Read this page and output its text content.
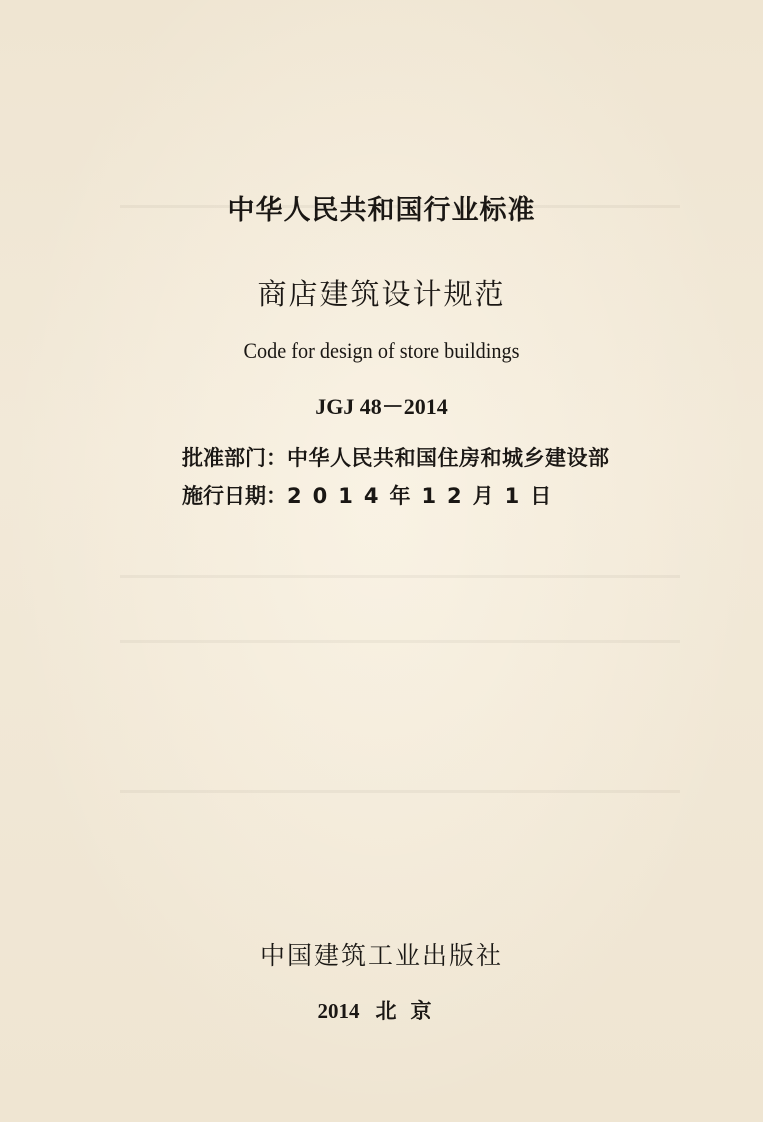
中华人民共和国行业标准
商店建筑设计规范
Code for design of store buildings
JGJ 48－2014
批准部门：中华人民共和国住房和城乡建设部
施行日期：2014年12月1日
中国建筑工业出版社
2014 北京
